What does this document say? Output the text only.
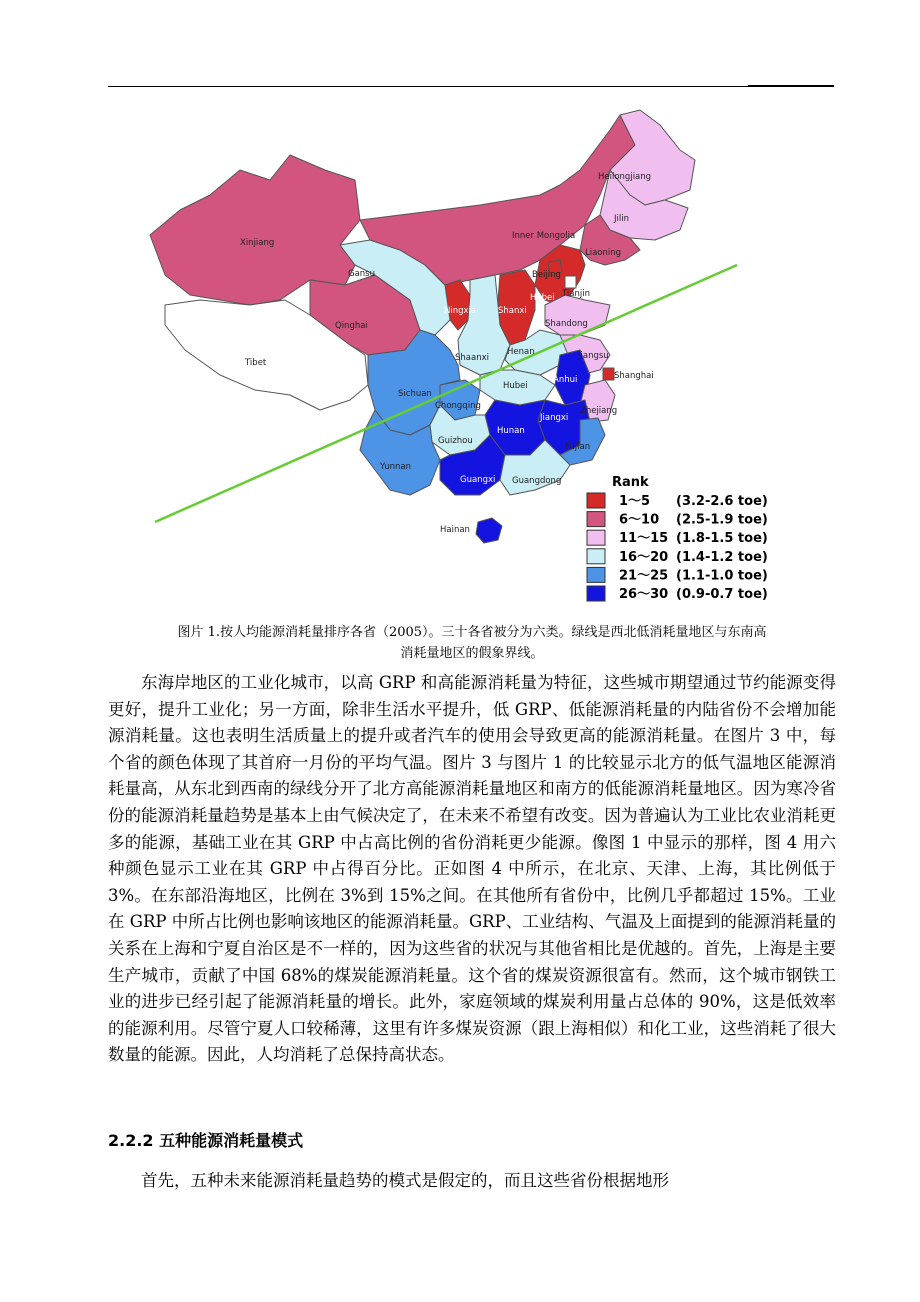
Xinjiang
Tibet
Qinghai
Gansu
Inner Mongolia
Heilongjiang
Jilin
Liaoning
Beijing
Tianjin
Hebei
Ningxia	Shanxi
Shandong
Shaanxi
Henan	Jiangsu
Shanghai
Anhui
Hubei
Sichuan
Chongqing	Zhejiang
Jiangxi
Hunan
Guizhou
Fujian
Yunnan
Guangxi Guangdong
Hainan
Rank
1～5 (3.2-2.6 toe)
6～10 (2.5-1.9 toe)
11～15 (1.8-1.5 toe)
16～20 (1.4-1.2 toe)
21～25 (1.1-1.0 toe)
26～30 (0.9-0.7 toe)
图片 1.按人均能源消耗量排序各省（2005）。三十各省被分为六类。绿线是西北低消耗量地区与东南高
消耗量地区的假象界线。

东海岸地区的工业化城市，以高 GRP 和高能源消耗量为特征，这些城市期望通过节约能源变得更好，提升工业化；另一方面，除非生活水平提升，低 GRP、低能源消耗量的内陆省份不会增加能源消耗量。这也表明生活质量上的提升或者汽车的使用会导致更高的能源消耗量。在图片 3 中，每个省的颜色体现了其首府一月份的平均气温。图片 3 与图片 1 的比较显示北方的低气温地区能源消耗量高，从东北到西南的绿线分开了北方高能源消耗量地区和南方的低能源消耗量地区。因为寒冷省份的能源消耗量趋势是基本上由气候决定了，在未来不希望有改变。因为普遍认为工业比农业消耗更多的能源，基础工业在其 GRP 中占高比例的省份消耗更少能源。像图 1 中显示的那样，图 4 用六种颜色显示工业在其 GRP 中占得百分比。正如图 4 中所示，在北京、天津、上海，其比例低于 3%。在东部沿海地区，比例在 3%到 15%之间。在其他所有省份中，比例几乎都超过 15%。工业在 GRP 中所占比例也影响该地区的能源消耗量。GRP、工业结构、气温及上面提到的能源消耗量的关系在上海和宁夏自治区是不一样的，因为这些省的状况与其他省相比是优越的。首先，上海是主要生产城市，贡献了中国 68%的煤炭能源消耗量。这个省的煤炭资源很富有。然而，这个城市钢铁工业的进步已经引起了能源消耗量的增长。此外，家庭领域的煤炭利用量占总体的 90%，这是低效率的能源利用。尽管宁夏人口较稀薄，这里有许多煤炭资源（跟上海相似）和化工业，这些消耗了很大数量的能源。因此，人均消耗了总保持高状态。

2.2.2 五种能源消耗量模式

首先，五种未来能源消耗量趋势的模式是假定的，而且这些省份根据地形
